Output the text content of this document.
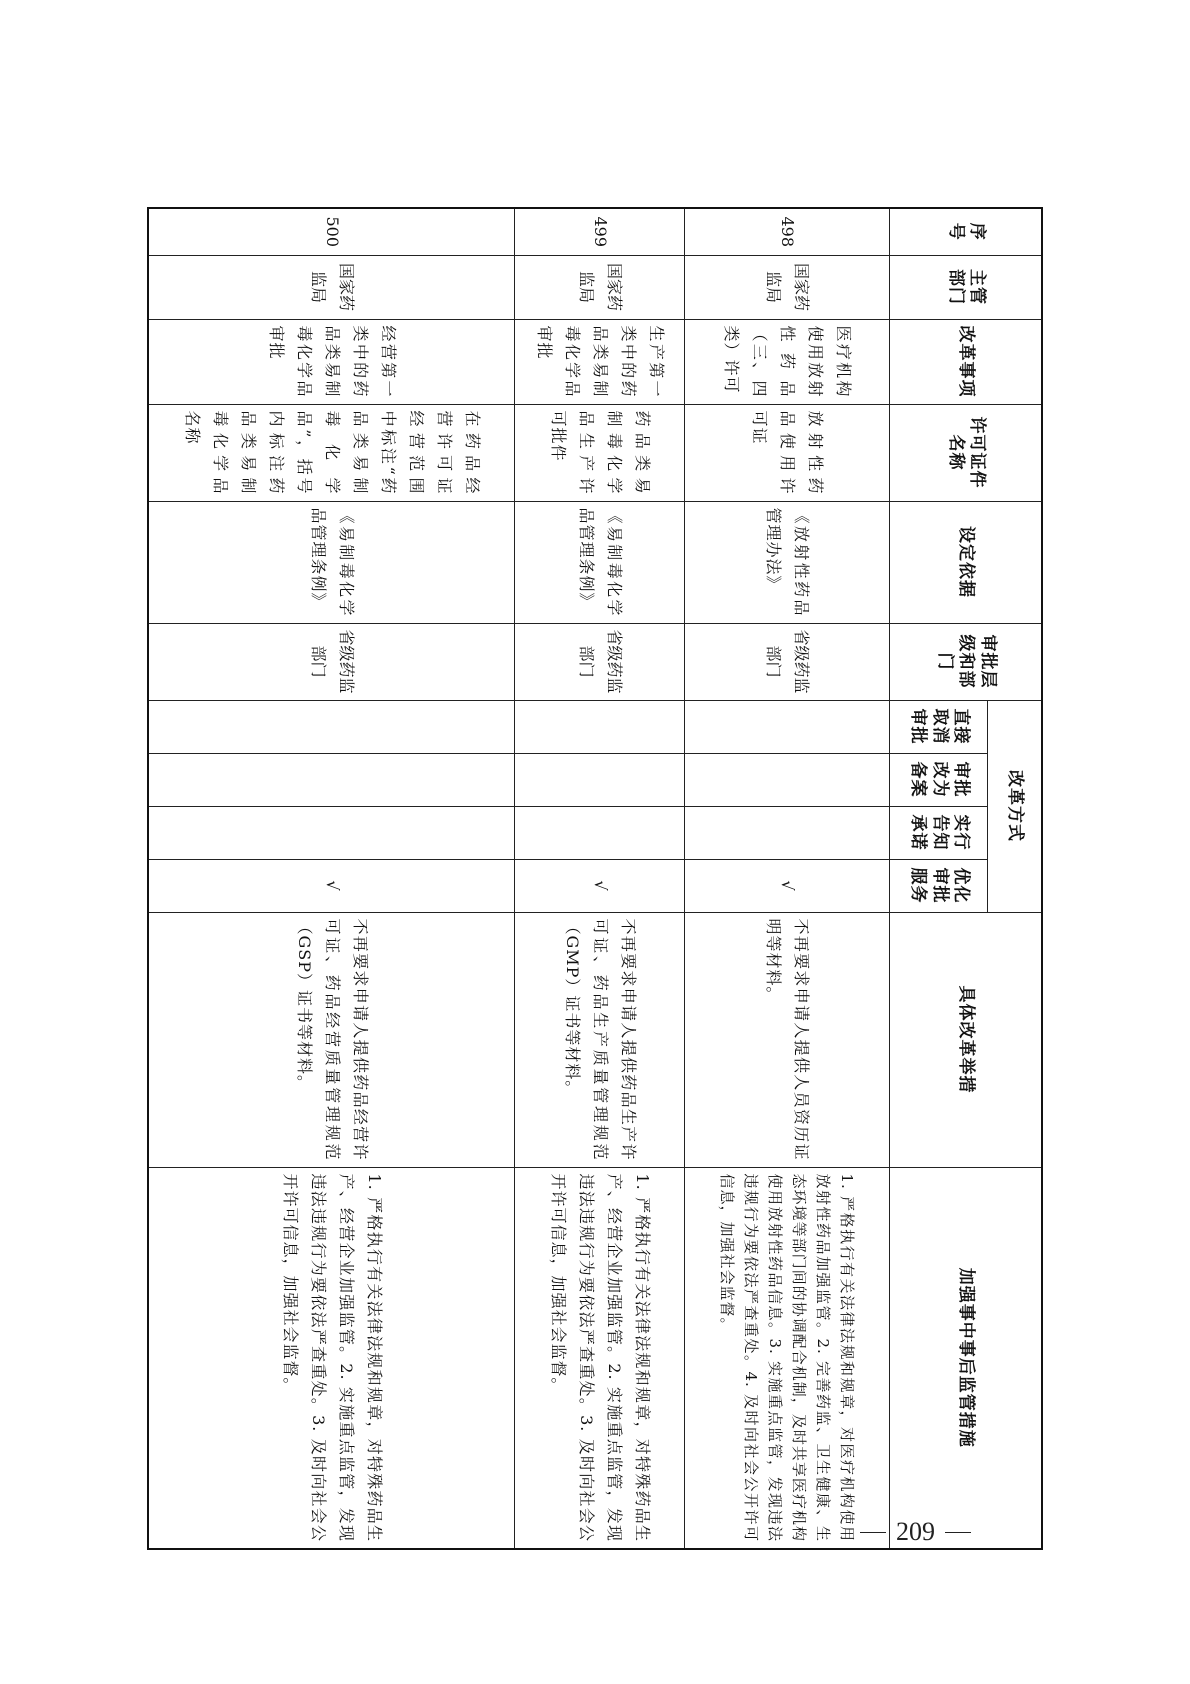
序号	主管部门	改革事项	许可证件名称	设定依据	审批层级和部门	改革方式				具体改革举措	加强事中事后监管措施
						直接取消审批	审批改为备案	实行告知承诺	优化审批服务		
498	国家药监局	医疗机构使用放射性药品（三、四类）许可	放射性药品使用许可证	《放射性药品管理办法》	省级药监部门				√	不再要求申请人提供人员资历证明等材料。	1. 严格执行有关法律法规和规章，对医疗机构使用放射性药品加强监管。2. 完善药监、卫生健康、生态环境等部门间的协调配合机制，及时共享医疗机构使用放射性药品信息。3. 实施重点监管，发现违法违规行为要依法严查重处。4. 及时向社会公开许可信息，加强社会监督。
499	国家药监局	生产第一类中的药品类易制毒化学品审批	药品类易制毒化学品生产许可批件	《易制毒化学品管理条例》	省级药监部门				√	不再要求申请人提供药品生产许可证、药品生产质量管理规范（GMP）证书等材料。	1. 严格执行有关法律法规和规章，对特殊药品生产、经营企业加强监管。2. 实施重点监管，发现违法违规行为要依法严查重处。3. 及时向社会公开许可信息，加强社会监督。
500	国家药监局	经营第一类中的药品类易制毒化学品审批	在药品经营许可证经营范围中标注“药品类易制毒化学品”，括号内标注药品类易制毒化学品名称	《易制毒化学品管理条例》	省级药监部门				√	不再要求申请人提供药品经营许可证、药品经营质量管理规范（GSP）证书等材料。	1. 严格执行有关法律法规和规章，对特殊药品生产、经营企业加强监管。2. 实施重点监管，发现违法违规行为要依法严查重处。3. 及时向社会公开许可信息，加强社会监督。
209
